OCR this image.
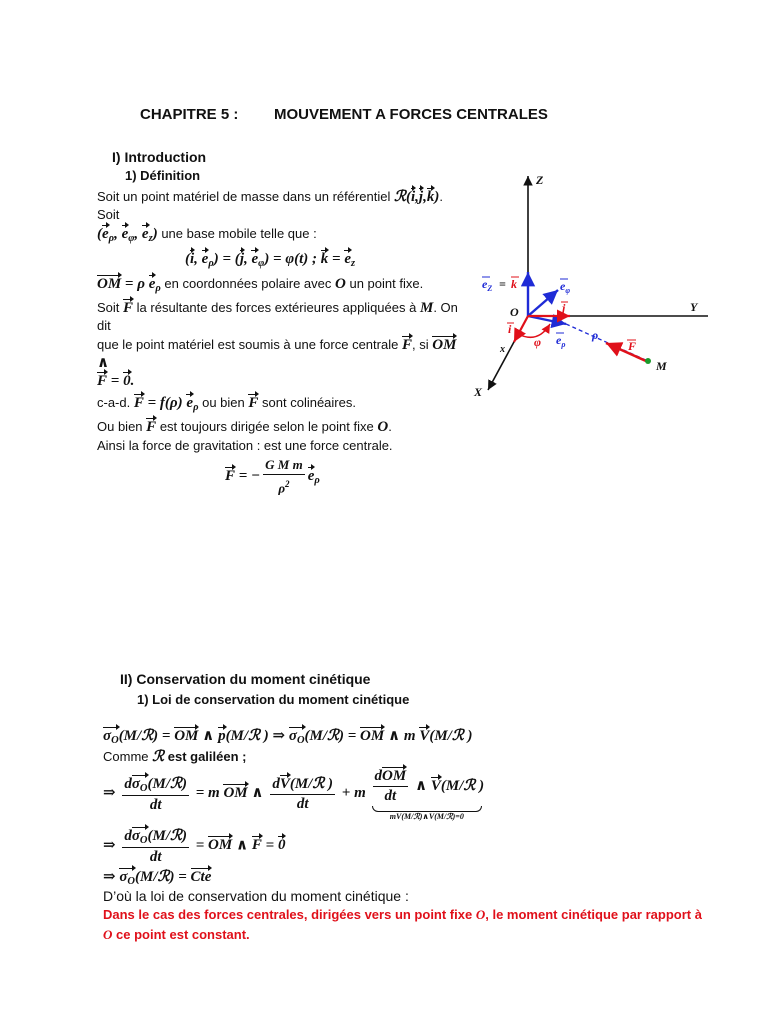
CHAPITRE 5 : MOUVEMENT A FORCES CENTRALES
I) Introduction
1) Définition
Soit un point matériel de masse dans un référentiel ℛ(i,j,k). Soit
($e_\rho$, $e_\varphi$, $e_z$) une base mobile telle que :
(i, $e_\rho) = (j$, $e_\varphi) = \varphi(t)$ ; $k = e_z$
OM = ρ $e_\rho$ en coordonnées polaire avec O un point fixe.
Soit F la résultante des forces extérieures appliquées à M. On dit
que le point matériel est soumis à une force centrale F, si OM ∧
F = 0.
c-a-d. F = f(ρ) $e_\rho$ ou bien F sont colinéaires.
Ou bien F est toujours dirigée selon le point fixe O.
Ainsi la force de gravitation : est une force centrale.
F = − $\frac{\text{G M m}}{\rho^2} e_\rho$
Z
Y
X
x
O
M
$e_Z = k$	$e_\varphi$
j
i
φ $e_\rho$
ρ
F
II) Conservation du moment cinétique
1) Loi de conservation du moment cinétique
$\sigma_O(M/ℛ)$ = OM ∧ p(M/ℛ ) ⇒ $\sigma_O(M/ℛ)$ = OM ∧ m V(M/ℛ )
Comme ℛ est galiléen ;
⇒ $\frac{d\sigma_O(M/ℛ)}{dt} = m$ OM ∧ $\frac{\text{dV(M/ℛ )}}{dt} + m \frac{\text{dOM}}{dt}$ ∧ V(M/ℛ )
mV(M/ℛ)∧V(M/ℛ)=0
⇒ $\frac{d\sigma_O(M/ℛ)}{dt}$ = OM ∧ F = 0
⇒ $\sigma_O(M/ℛ)$ = Cte
D’où la loi de conservation du moment cinétique :
Dans le cas des forces centrales, dirigées vers un point fixe O, le moment cinétique par rapport à O ce point est constant.
